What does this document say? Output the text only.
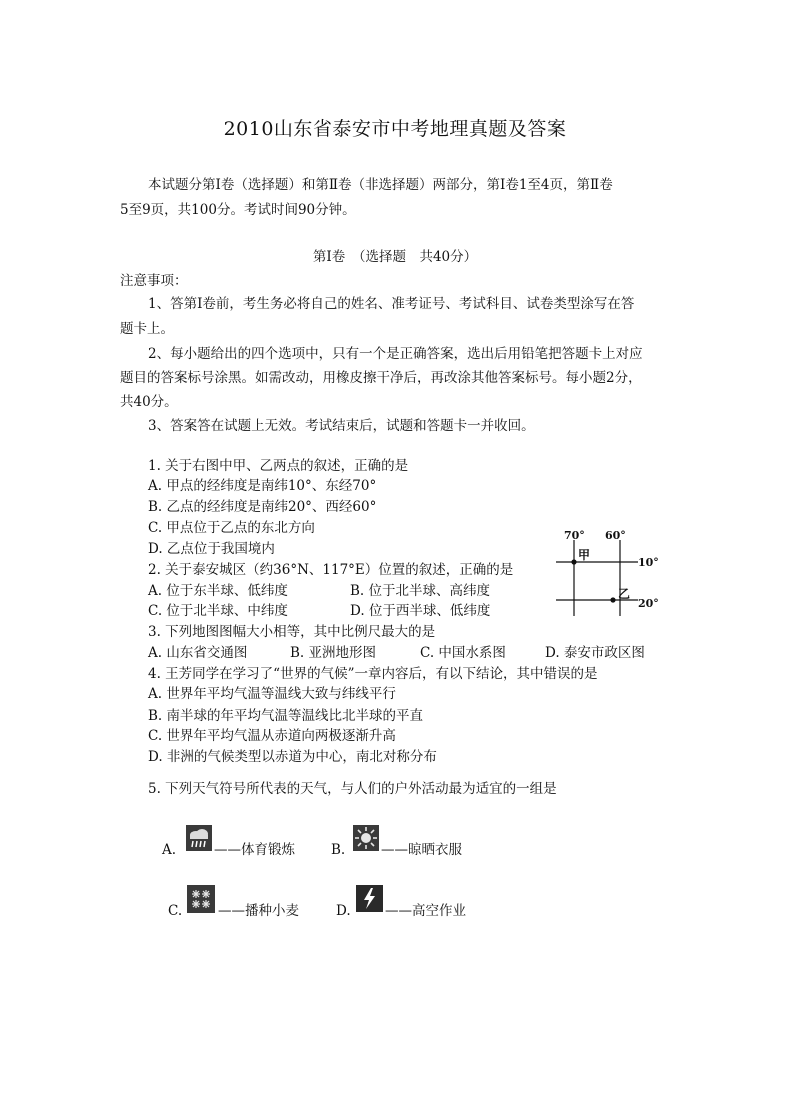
2010山东省泰安市中考地理真题及答案
本试题分第Ⅰ卷（选择题）和第Ⅱ卷（非选择题）两部分，第Ⅰ卷1至4页，第Ⅱ卷
5至9页，共100分。考试时间90分钟。
第Ⅰ卷　（选择题　共40分）
注意事项：
1、答第Ⅰ卷前，考生务必将自己的姓名、准考证号、考试科目、试卷类型涂写在答
题卡上。
2、每小题给出的四个选项中，只有一个是正确答案，选出后用铅笔把答题卡上对应
题目的答案标号涂黑。如需改动，用橡皮擦干净后，再改涂其他答案标号。每小题2分，
共40分。
3、答案答在试题上无效。考试结束后，试题和答题卡一并收回。
1. 关于右图中甲、乙两点的叙述，正确的是
A. 甲点的经纬度是南纬10°、东经70°
B. 乙点的经纬度是南纬20°、西经60°
C. 甲点位于乙点的东北方向
D. 乙点位于我国境内
2. 关于泰安城区（约36°N、117°E）位置的叙述，正确的是
A. 位于东半球、低纬度	B. 位于北半球、高纬度
C. 位于北半球、中纬度	D. 位于西半球、低纬度
3. 下列地图图幅大小相等，其中比例尺最大的是
A. 山东省交通图	B. 亚洲地形图	C. 中国水系图	D. 泰安市政区图
4. 王芳同学在学习了“世界的气候”一章内容后，有以下结论，其中错误的是
A. 世界年平均气温等温线大致与纬线平行
B. 南半球的年平均气温等温线比北半球的平直
C. 世界年平均气温从赤道向两极逐渐升高
D. 非洲的气候类型以赤道为中心，南北对称分布
5. 下列天气符号所代表的天气，与人们的户外活动最为适宜的一组是
A.	——体育锻炼	B.	——晾晒衣服
C.	——播种小麦	D.	——高空作业
70° 60°
10°
20°
甲
乙
